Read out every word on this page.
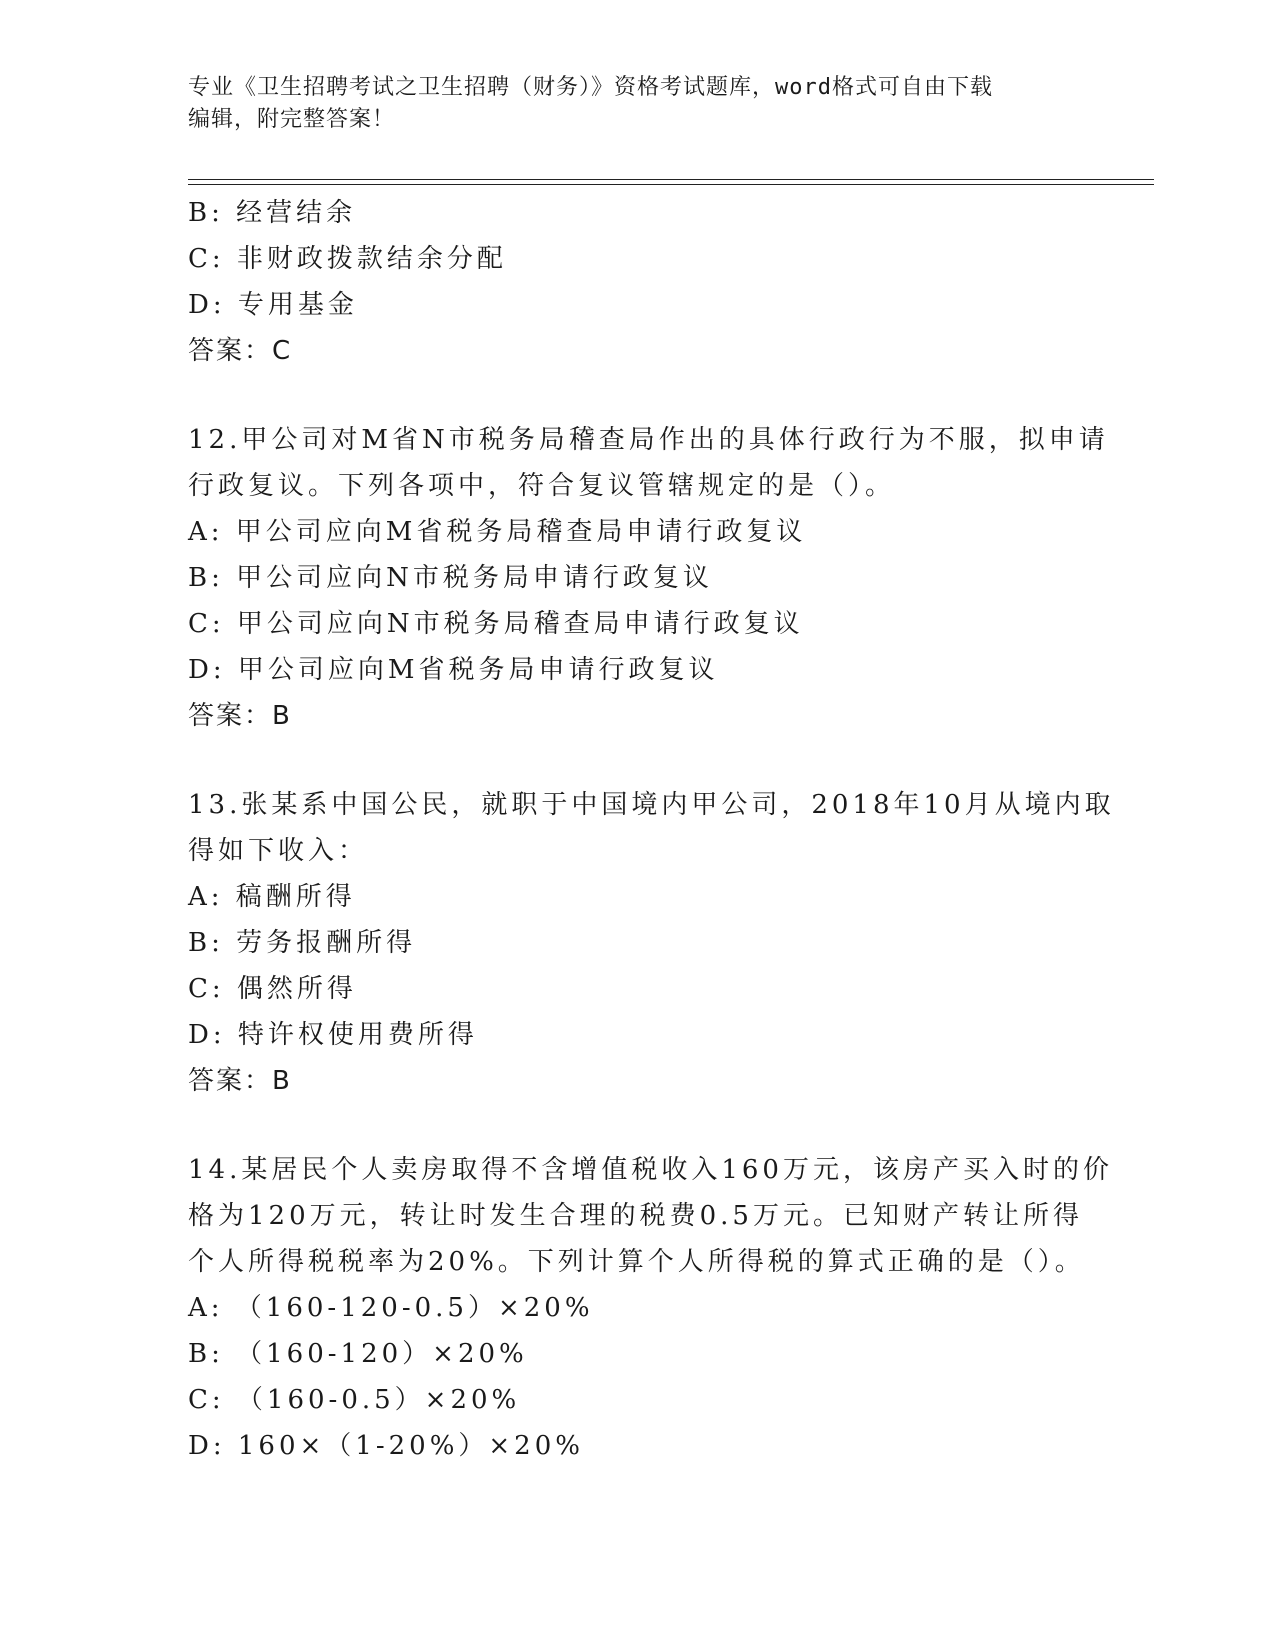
专业《卫生招聘考试之卫生招聘（财务）》资格考试题库，word格式可自由下载
编辑，附完整答案！
B: 经营结余
C: 非财政拨款结余分配
D: 专用基金
答案：C
12.甲公司对M省N市税务局稽查局作出的具体行政行为不服，拟申请
行政复议。下列各项中，符合复议管辖规定的是（）。
A: 甲公司应向M省税务局稽查局申请行政复议
B: 甲公司应向N市税务局申请行政复议
C: 甲公司应向N市税务局稽查局申请行政复议
D: 甲公司应向M省税务局申请行政复议
答案：B
13.张某系中国公民，就职于中国境内甲公司，2018年10月从境内取
得如下收入：
A: 稿酬所得
B: 劳务报酬所得
C: 偶然所得
D: 特许权使用费所得
答案：B
14.某居民个人卖房取得不含增值税收入160万元，该房产买入时的价
格为120万元，转让时发生合理的税费0.5万元。已知财产转让所得
个人所得税税率为20%。下列计算个人所得税的算式正确的是（）。
A: （160-120-0.5）×20%
B: （160-120）×20%
C: （160-0.5）×20%
D: 160×（1-20%）×20%
